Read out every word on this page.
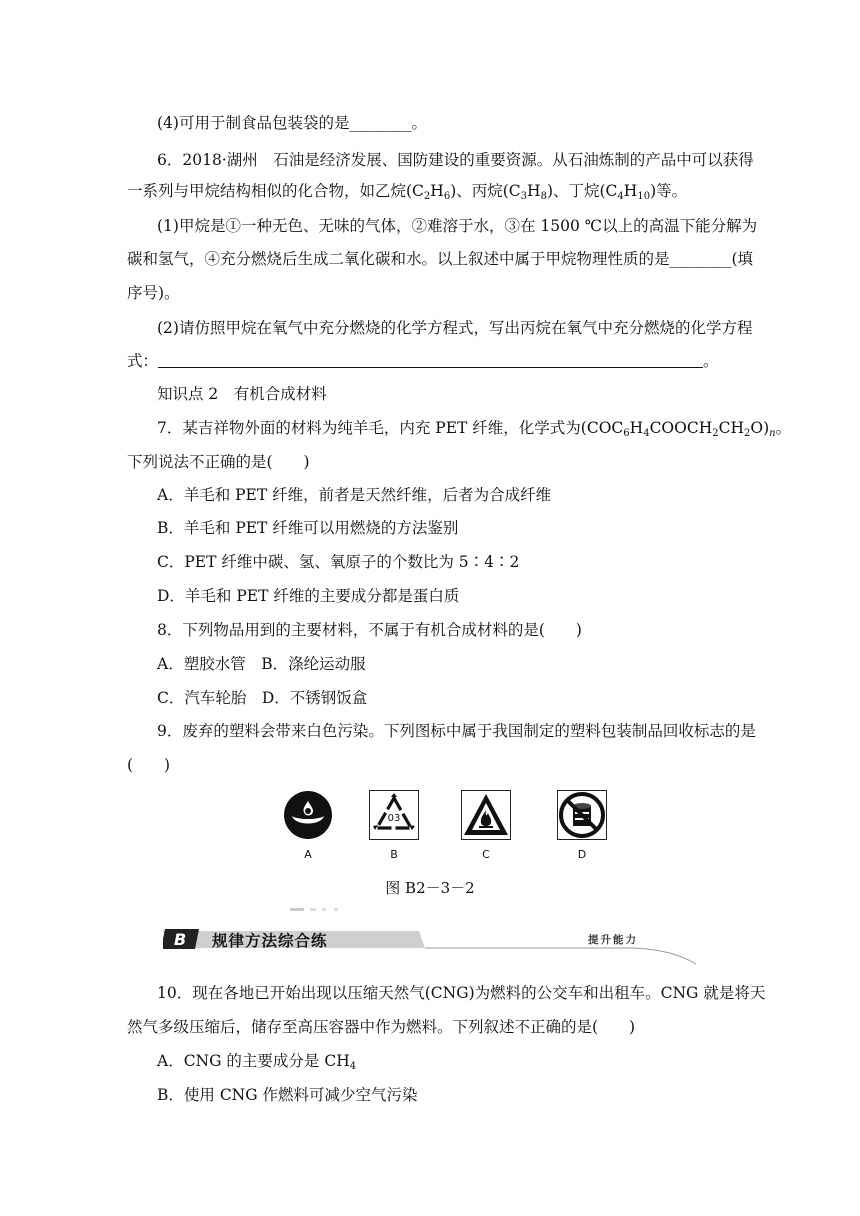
(4)可用于制食品包装袋的是________。
6．2018·湖州　石油是经济发展、国防建设的重要资源。从石油炼制的产品中可以获得
一系列与甲烷结构相似的化合物，如乙烷$(C_2H_6)$、丙烷$(C_3H_8)$、丁烷$(C_4H_{10})$等。
(1)甲烷是①一种无色、无味的气体，②难溶于水，③在 1500 ℃以上的高温下能分解为
碳和氢气，④充分燃烧后生成二氧化碳和水。以上叙述中属于甲烷物理性质的是________(填
序号)。
(2)请仿照甲烷在氧气中充分燃烧的化学方程式，写出丙烷在氧气中充分燃烧的化学方程
式：	。
知识点 2　有机合成材料
7．某吉祥物外面的材料为纯羊毛，内充 PET 纤维，化学式为$(COC_6H_4COOCH_2CH_2O)_n$。
下列说法不正确的是(　　)
A．羊毛和 PET 纤维，前者是天然纤维，后者为合成纤维
B．羊毛和 PET 纤维可以用燃烧的方法鉴别
C．PET 纤维中碳、氢、氧原子的个数比为 5∶4∶2
D．羊毛和 PET 纤维的主要成分都是蛋白质
8．下列物品用到的主要材料，不属于有机合成材料的是(　　)
A．塑胶水管　B．涤纶运动服
C．汽车轮胎　D．不锈钢饭盒
9．废弃的塑料会带来白色污染。下列图标中属于我国制定的塑料包装制品回收标志的是
(　　)
A
03
B	C	D
图 B2－3－2
B 规律方法综合练	提升能力
10．现在各地已开始出现以压缩天然气(CNG)为燃料的公交车和出租车。CNG 就是将天
然气多级压缩后，储存至高压容器中作为燃料。下列叙述不正确的是(　　)
A．CNG 的主要成分是 $CH_4$
B．使用 CNG 作燃料可减少空气污染
